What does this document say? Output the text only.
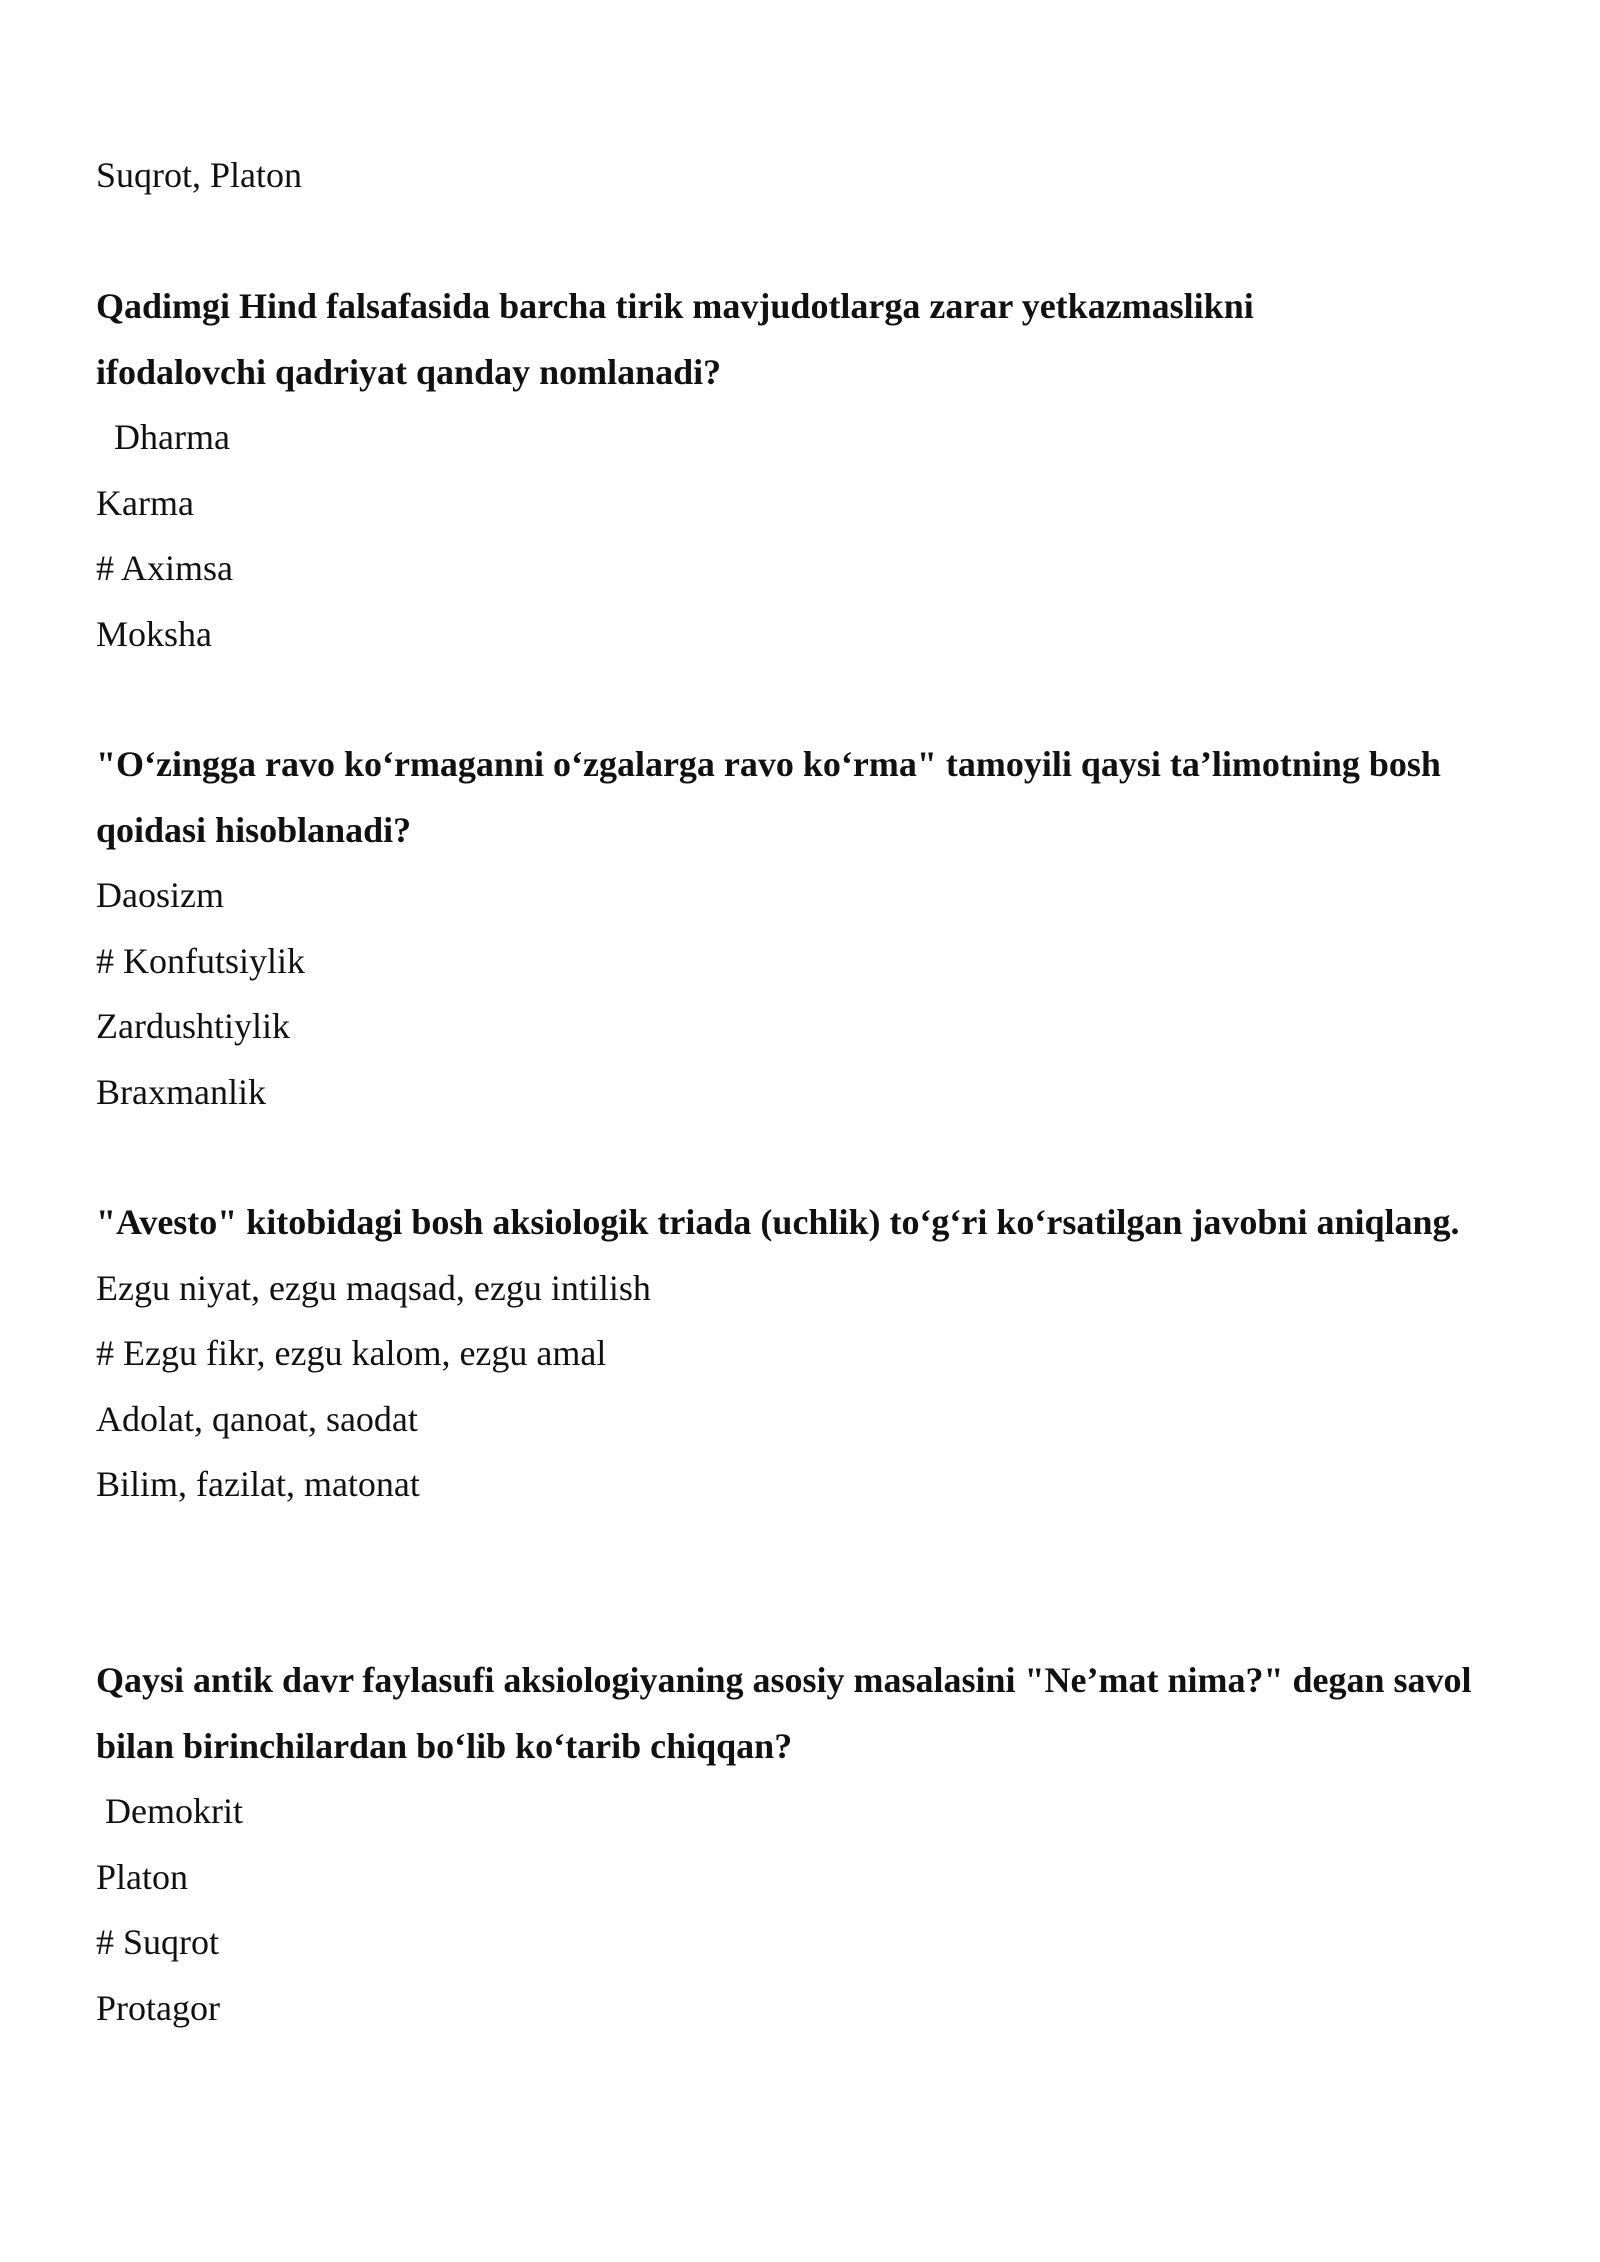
Suqrot, Platon

Qadimgi Hind falsafasida barcha tirik mavjudotlarga zarar yetkazmaslikni ifodalovchi qadriyat qanday nomlanadi?

Dharma

Karma

# Aximsa

Moksha

"O‘zingga ravo ko‘rmaganni o‘zgalarga ravo ko‘rma" tamoyili qaysi ta’limotning bosh qoidasi hisoblanadi?

Daosizm

# Konfutsiylik

Zardushtiylik

Braxmanlik

"Avesto" kitobidagi bosh aksiologik triada (uchlik) to‘g‘ri ko‘rsatilgan javobni aniqlang.

Ezgu niyat, ezgu maqsad, ezgu intilish

# Ezgu fikr, ezgu kalom, ezgu amal

Adolat, qanoat, saodat

Bilim, fazilat, matonat

Qaysi antik davr faylasufi aksiologiyaning asosiy masalasini "Ne’mat nima?" degan savol bilan birinchilardan bo‘lib ko‘tarib chiqqan?

Demokrit

Platon

# Suqrot

Protagor
